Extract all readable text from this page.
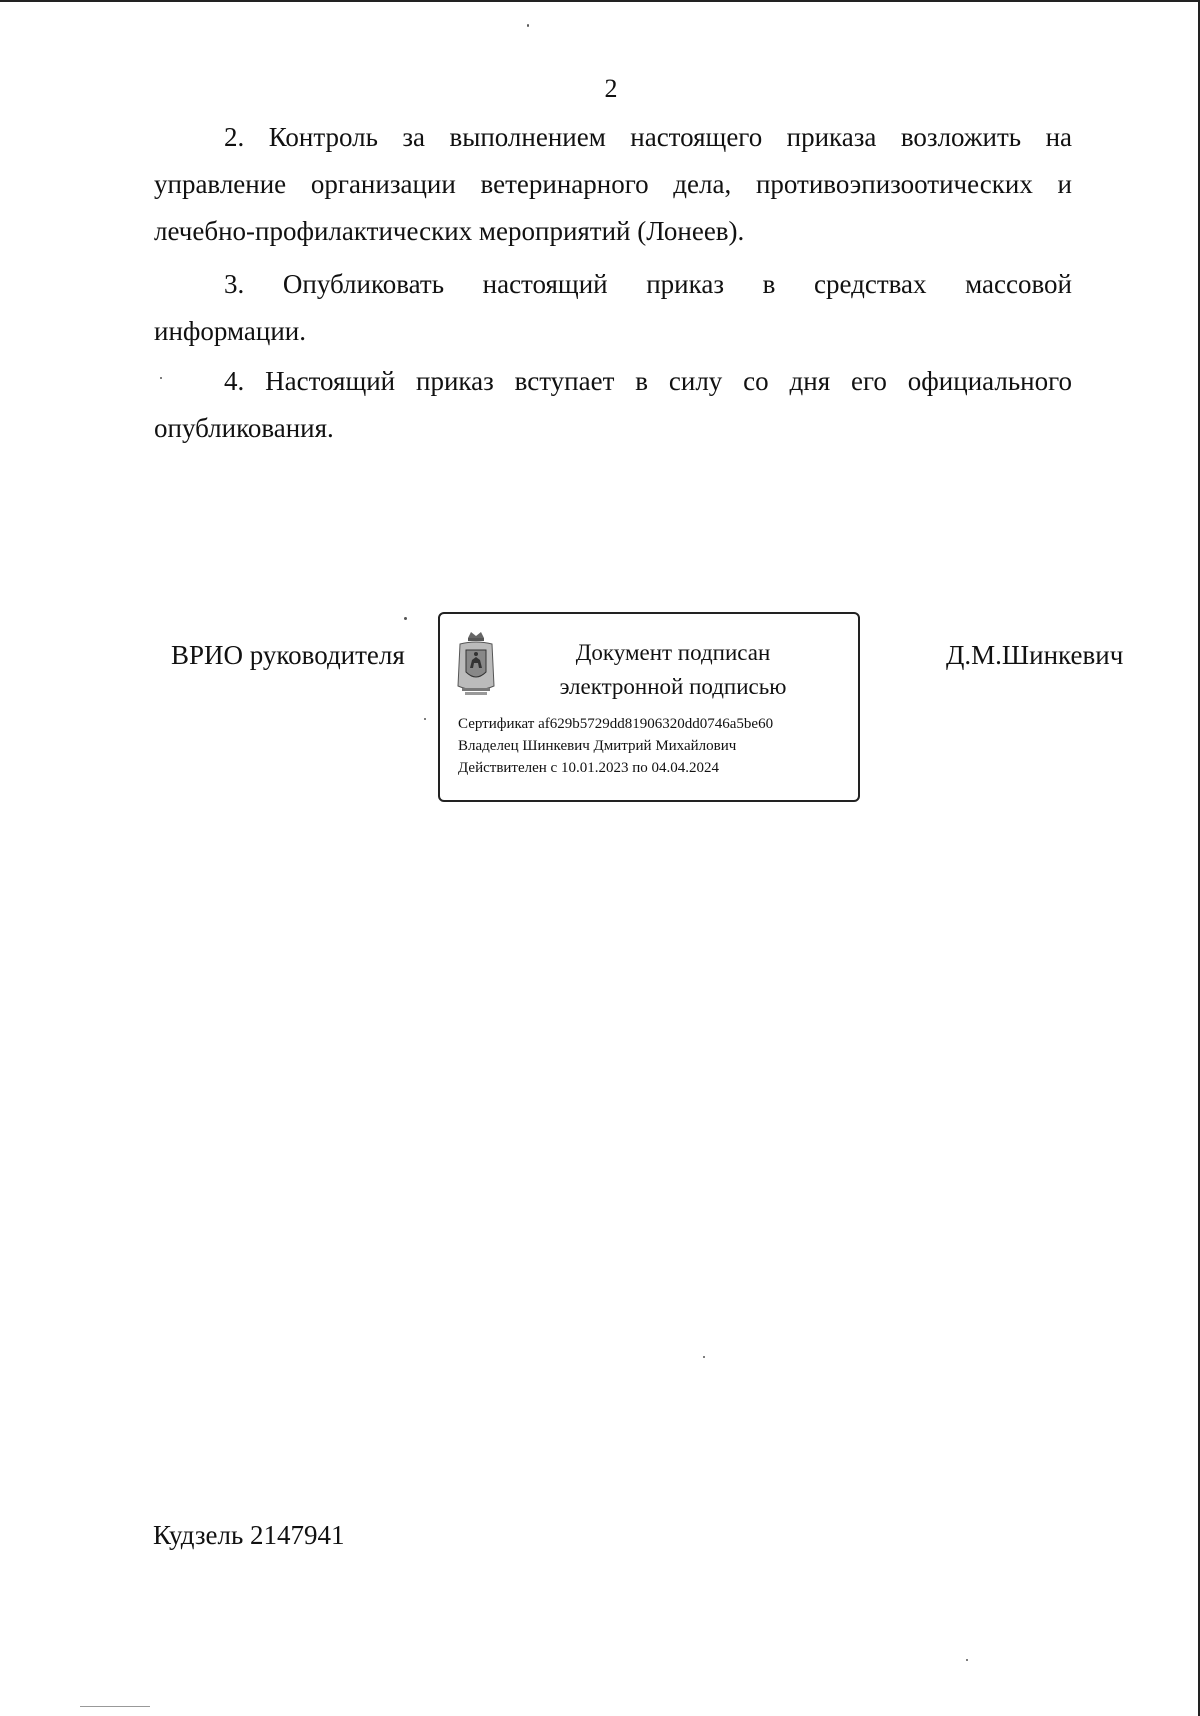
2

2. Контроль за выполнением настоящего приказа возложить на управление организации ветеринарного дела, противоэпизоотических и лечебно-профилактических мероприятий (Лонеев).

3. Опубликовать настоящий приказ в средствах массовой
информации.

4. Настоящий приказ вступает в силу со дня его официального опубликования.

ВРИО руководителя	Документ подписан
электронной подписью
Сертификат af629b5729dd81906320dd0746a5be60
Владелец Шинкевич Дмитрий Михайлович
Действителен с 10.01.2023 по 04.04.2024
Д.М.Шинкевич
Кудзель 2147941
